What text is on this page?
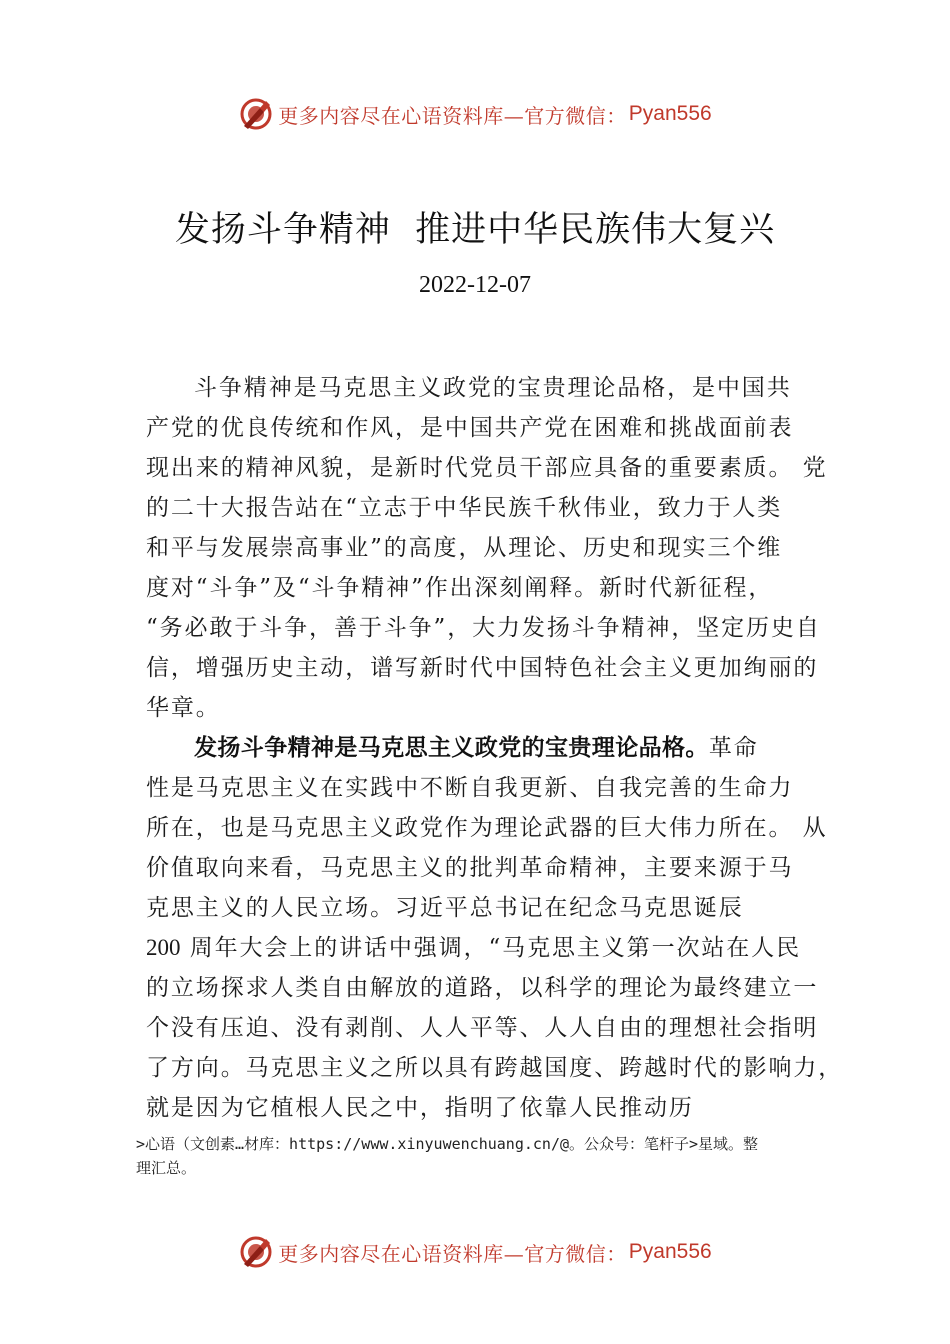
更多内容尽在心语资料库—官方微信： Pyan556
发扬斗争精神  推进中华民族伟大复兴
2022-12-07
斗争精神是马克思主义政党的宝贵理论品格，是中国共
产党的优良传统和作风，是中国共产党在困难和挑战面前表
现出来的精神风貌，是新时代党员干部应具备的重要素质。 党
的二十大报告站在“立志于中华民族千秋伟业，致力于人类
和平与发展崇高事业”的高度，从理论、历史和现实三个维
度对“斗争”及“斗争精神”作出深刻阐释。新时代新征程，
“务必敢于斗争，善于斗争”，大力发扬斗争精神，坚定历史自
信，增强历史主动，谱写新时代中国特色社会主义更加绚丽的
华章。
发扬斗争精神是马克思主义政党的宝贵理论品格。革命
性是马克思主义在实践中不断自我更新、自我完善的生命力
所在，也是马克思主义政党作为理论武器的巨大伟力所在。 从
价值取向来看，马克思主义的批判革命精神，主要来源于马
克思主义的人民立场。习近平总书记在纪念马克思诞辰
200 周年大会上的讲话中强调，“马克思主义第一次站在人民
的立场探求人类自由解放的道路，以科学的理论为最终建立一
个没有压迫、没有剥削、人人平等、人人自由的理想社会指明
了方向。马克思主义之所以具有跨越国度、跨越时代的影响力，
就是因为它植根人民之中，指明了依靠人民推动历
>心语（文创素…材库：https://www.xinyuwenchuang.cn/@。公众号：笔杆子>星域。整
理汇总。
更多内容尽在心语资料库—官方微信： Pyan556
